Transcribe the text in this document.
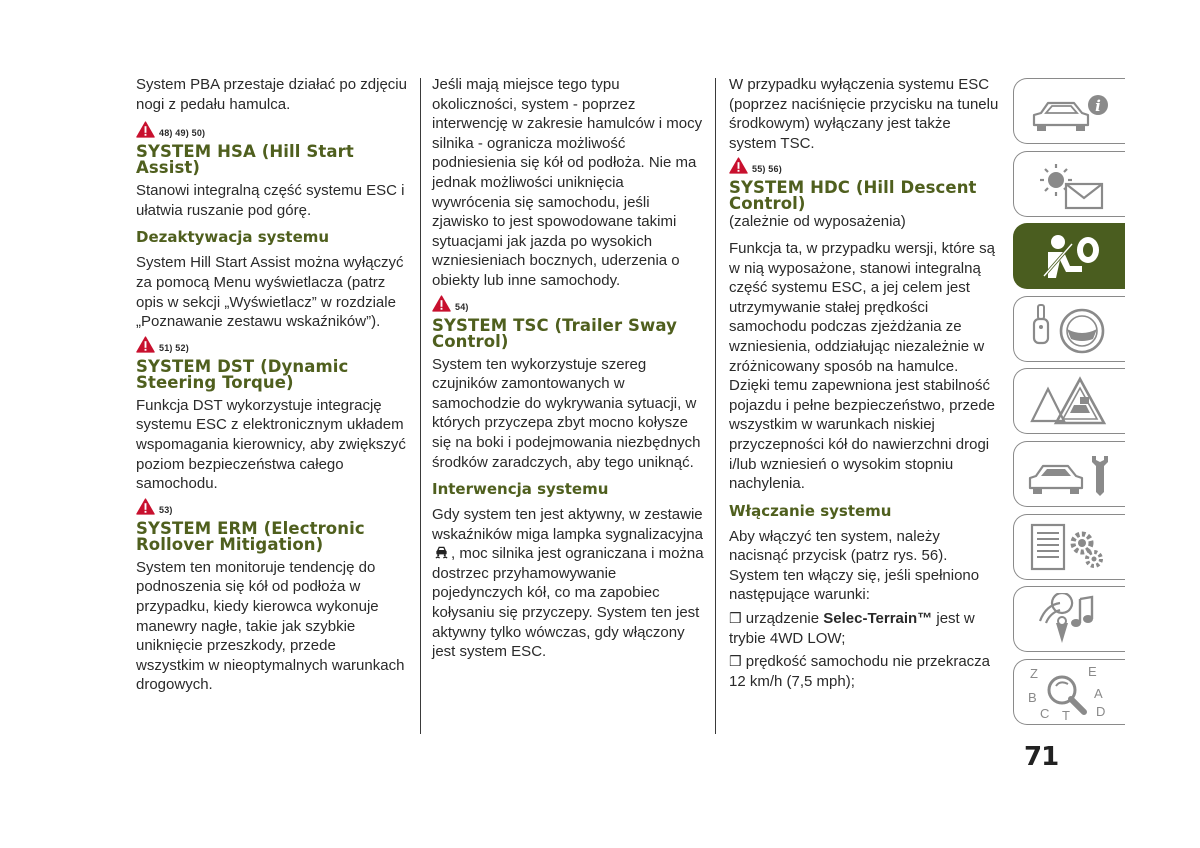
System PBA przestaje działać po zdjęciu nogi z pedału hamulca.

48) 49) 50)
SYSTEM HSA (Hill Start Assist)

Stanowi integralną część systemu ESC i ułatwia ruszanie pod górę.

Dezaktywacja systemu

System Hill Start Assist można wyłączyć za pomocą Menu wyświetlacza (patrz opis w sekcji „Wyświetlacz” w rozdziale „Poznawanie zestawu wskaźników”).

51) 52)
SYSTEM DST (Dynamic Steering Torque)

Funkcja DST wykorzystuje integrację systemu ESC z elektronicznym układem wspomagania kierownicy, aby zwiększyć poziom bezpieczeństwa całego samochodu.

53)
SYSTEM ERM (Electronic Rollover Mitigation)

System ten monitoruje tendencję do podnoszenia się kół od podłoża w przypadku, kiedy kierowca wykonuje manewry nagłe, takie jak szybkie uniknięcie przeszkody, przede wszystkim w nieoptymalnych warunkach drogowych.

Jeśli mają miejsce tego typu okoliczności, system - poprzez interwencję w zakresie hamulców i mocy silnika - ogranicza możliwość podniesienia się kół od podłoża. Nie ma jednak możliwości uniknięcia wywrócenia się samochodu, jeśli zjawisko to jest spowodowane takimi sytuacjami jak jazda po wysokich wzniesieniach bocznych, uderzenia o obiekty lub inne samochody.

54)
SYSTEM TSC (Trailer Sway Control)

System ten wykorzystuje szereg czujników zamontowanych w samochodzie do wykrywania sytuacji, w których przyczepa zbyt mocno kołysze się na boki i podejmowania niezbędnych środków zaradczych, aby tego uniknąć.

Interwencja systemu

Gdy system ten jest aktywny, w zestawie wskaźników miga lampka sygnalizacyjna , moc silnika jest ograniczana i można dostrzec przyhamowywanie pojedynczych kół, co ma zapobiec kołysaniu się przyczepy. System ten jest aktywny tylko wówczas, gdy włączony jest system ESC.

W przypadku wyłączenia systemu ESC (poprzez naciśnięcie przycisku na tunelu środkowym) wyłączany jest także system TSC.

55) 56)
SYSTEM HDC (Hill Descent Control)

(zależnie od wyposażenia)

Funkcja ta, w przypadku wersji, które są w nią wyposażone, stanowi integralną część systemu ESC, a jej celem jest utrzymywanie stałej prędkości samochodu podczas zjeżdżania ze wzniesienia, oddziałując niezależnie w zróżnicowany sposób na hamulce.

Dzięki temu zapewniona jest stabilność pojazdu i pełne bezpieczeństwo, przede wszystkim w warunkach niskiej przyczepności kół do nawierzchni drogi i/lub wzniesień o wysokim stopniu nachylenia.

Włączanie systemu

Aby włączyć ten system, należy nacisnąć przycisk (patrz rys. 56). System ten włączy się, jeśli spełniono następujące warunki:

❒ urządzenie Selec-Terrain™ jest w trybie 4WD LOW;

❒ prędkość samochodu nie przekracza 12 km/h (7,5 mph);

i
Z	E
B	A
C T D
71
